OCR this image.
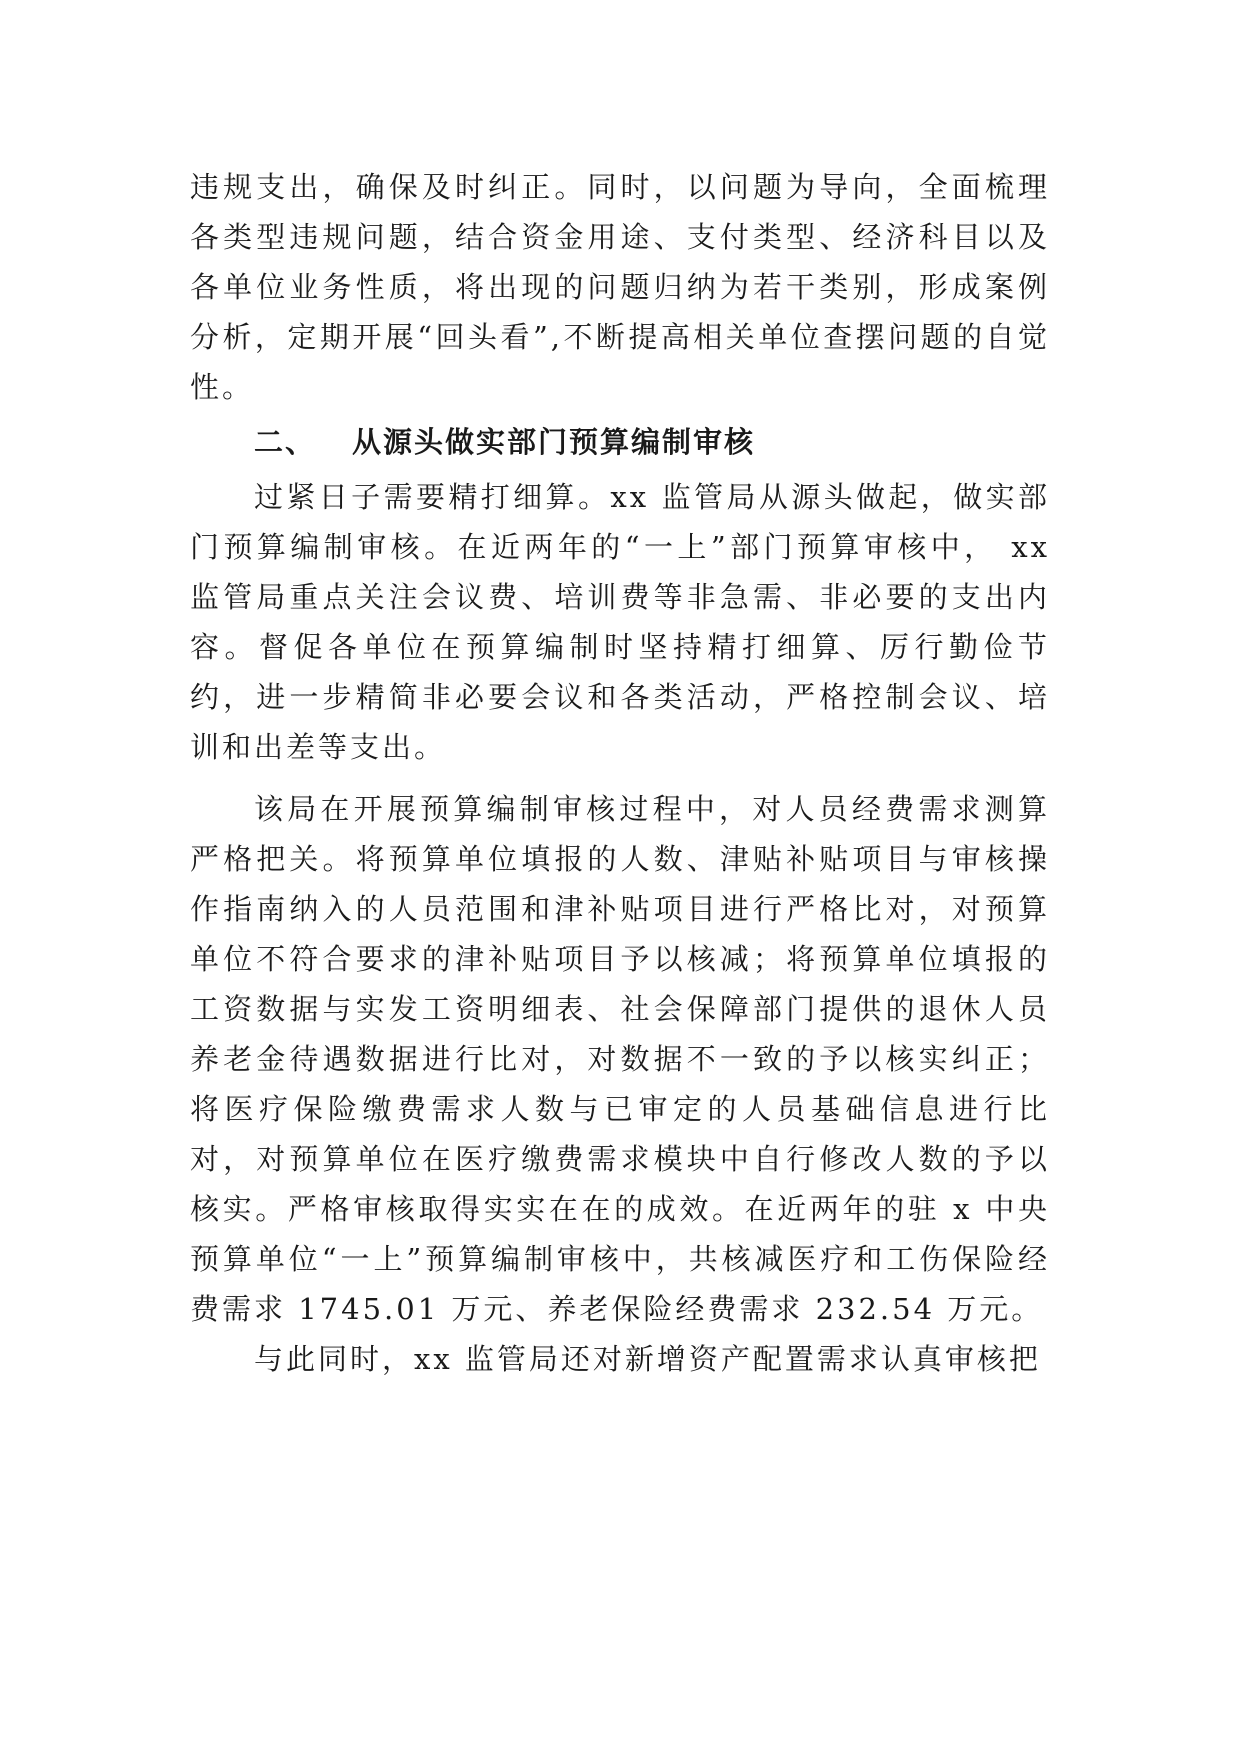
违规支出，确保及时纠正。同时，以问题为导向，全面梳理各类型违规问题，结合资金用途、支付类型、经济科目以及各单位业务性质，将出现的问题归纳为若干类别，形成案例分析，定期开展“回头看”,不断提高相关单位查摆问题的自觉性。

二、 从源头做实部门预算编制审核

过紧日子需要精打细算。xx 监管局从源头做起，做实部门预算编制审核。在近两年的“一上”部门预算审核中， xx 监管局重点关注会议费、培训费等非急需、非必要的支出内容。督促各单位在预算编制时坚持精打细算、厉行勤俭节约，进一步精简非必要会议和各类活动，严格控制会议、培训和出差等支出。

该局在开展预算编制审核过程中，对人员经费需求测算严格把关。将预算单位填报的人数、津贴补贴项目与审核操作指南纳入的人员范围和津补贴项目进行严格比对，对预算单位不符合要求的津补贴项目予以核减；将预算单位填报的工资数据与实发工资明细表、社会保障部门提供的退休人员养老金待遇数据进行比对，对数据不一致的予以核实纠正；将医疗保险缴费需求人数与已审定的人员基础信息进行比对，对预算单位在医疗缴费需求模块中自行修改人数的予以核实。严格审核取得实实在在的成效。在近两年的驻 x 中央预算单位“一上”预算编制审核中，共核减医疗和工伤保险经费需求 1745.01 万元、养老保险经费需求 232.54 万元。

与此同时，xx 监管局还对新增资产配置需求认真审核把
